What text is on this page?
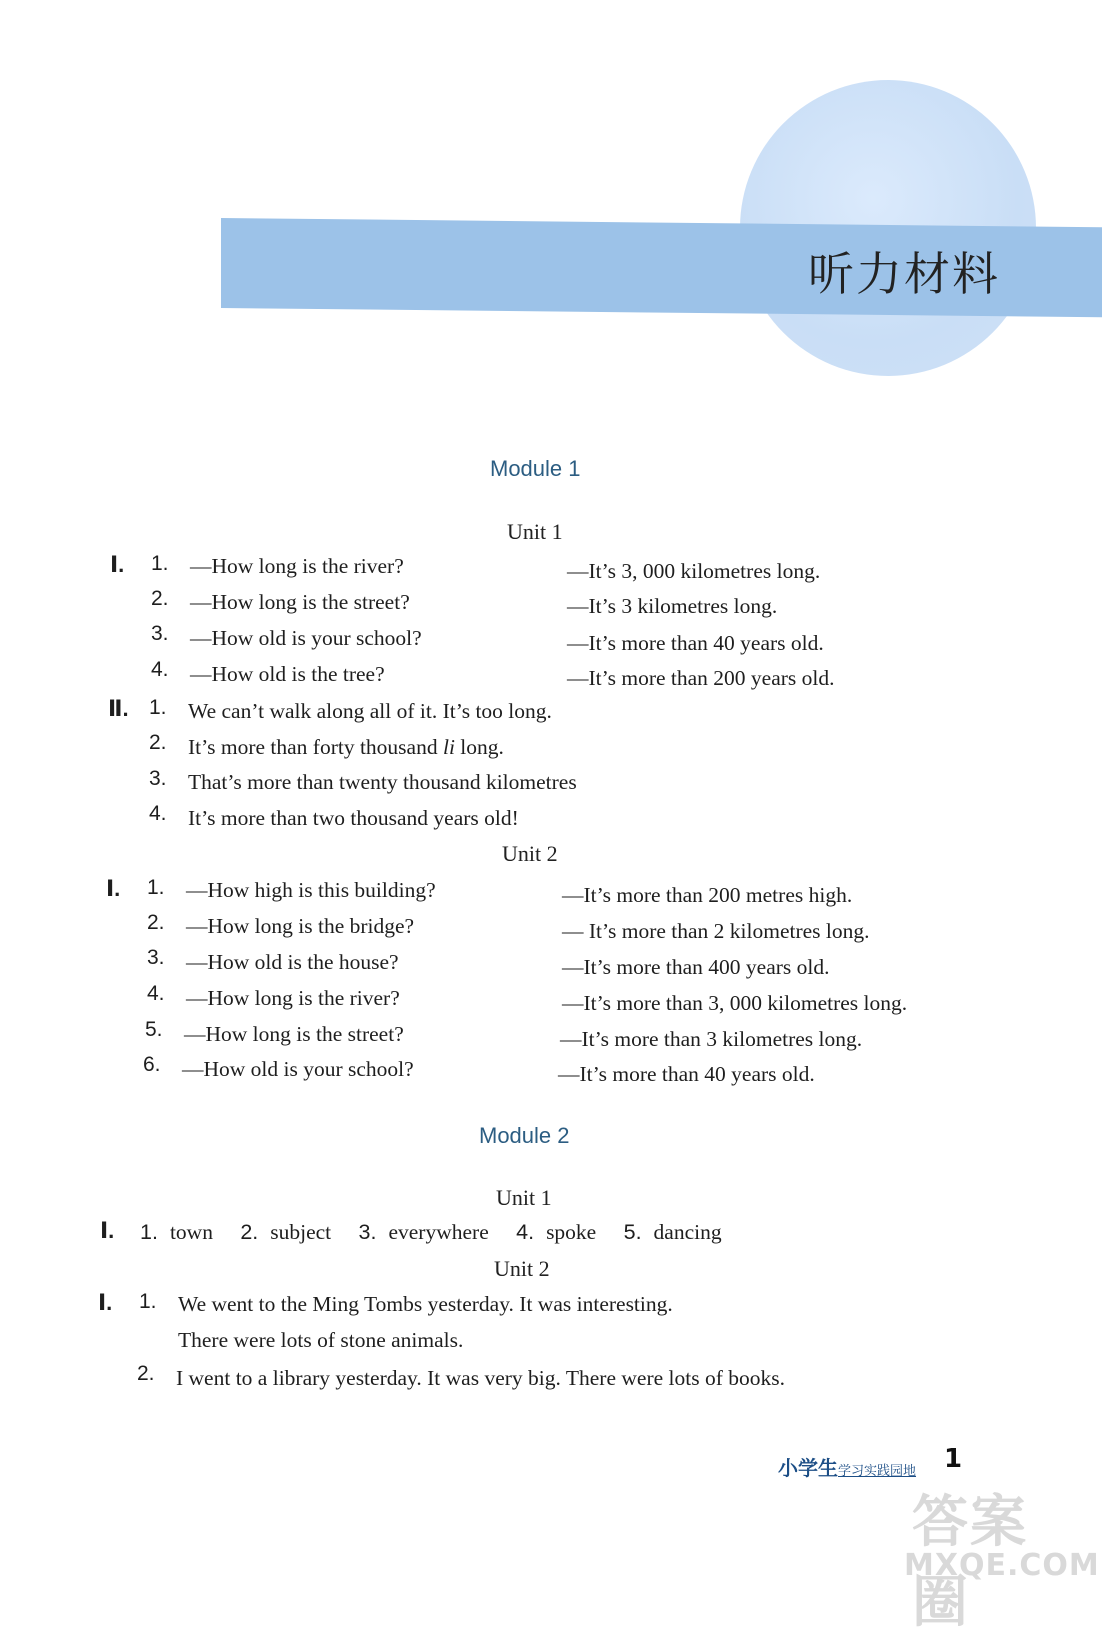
听力材料
Module 1
Unit 1
Ⅰ. 1. —How long is the river?	—It’s 3, 000 kilometres long.
2. —How long is the street?	—It’s 3 kilometres long.
3. —How old is your school?	—It’s more than 40 years old.
4. —How old is the tree?	—It’s more than 200 years old.
Ⅱ. 1. We can’t walk along all of it. It’s too long.
2. It’s more than forty thousand li long.
3. That’s more than twenty thousand kilometres
4. It’s more than two thousand years old!
Unit 2
Ⅰ. 1. —How high is this building?	—It’s more than 200 metres high.
2. —How long is the bridge?	— It’s more than 2 kilometres long.
3. —How old is the house?	—It’s more than 400 years old.
4. —How long is the river?	—It’s more than 3, 000 kilometres long.
5. —How long is the street?	—It’s more than 3 kilometres long.
6. —How old is your school?	—It’s more than 40 years old.
Module 2
Unit 1
Ⅰ. 1. town 2. subject 3. everywhere 4. spoke 5. dancing
Unit 2
Ⅰ. 1. We went to the Ming Tombs yesterday. It was interesting.
There were lots of stone animals.
2. I went to a library yesterday. It was very big. There were lots of books.
小学生学习实践园地 1
答案圈
MXQE.COM
